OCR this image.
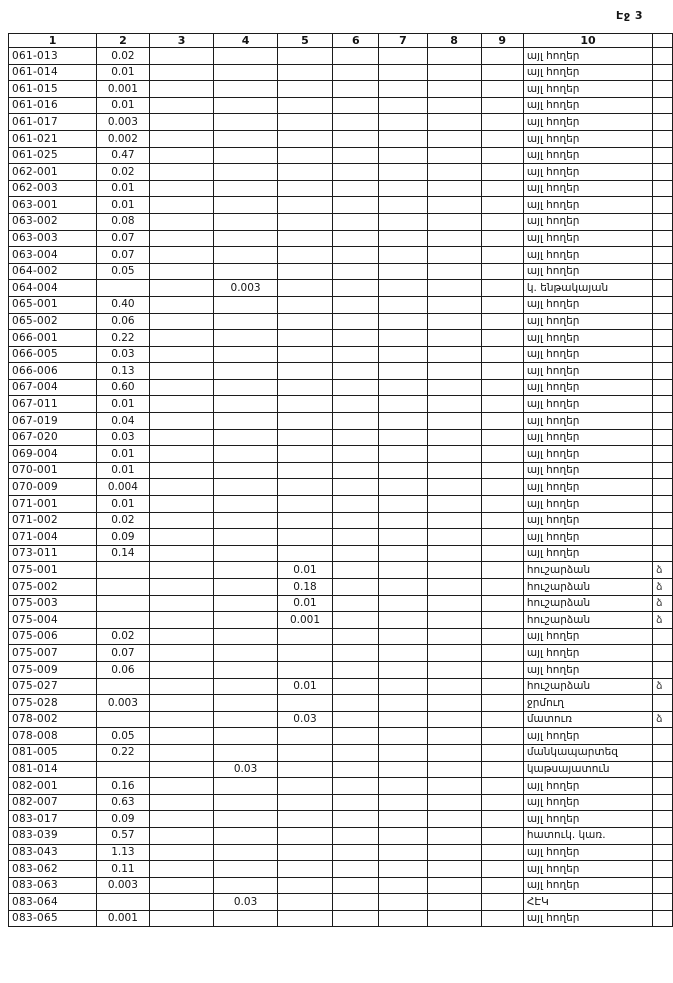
Էջ 3
1	2	3	4	5	6	7	8	9	10	
061-013	0.02								այլ հողեր	
061-014	0.01								այլ հողեր	
061-015	0.001								այլ հողեր	
061-016	0.01								այլ հողեր	
061-017	0.003								այլ հողեր	
061-021	0.002								այլ հողեր	
061-025	0.47								այլ հողեր	
062-001	0.02								այլ հողեր	
062-003	0.01								այլ հողեր	
063-001	0.01								այլ հողեր	
063-002	0.08								այլ հողեր	
063-003	0.07								այլ հողեր	
063-004	0.07								այլ հողեր	
064-002	0.05								այլ հողեր	
064-004			0.003						կ. ենթակայան	
065-001	0.40								այլ հողեր	
065-002	0.06								այլ հողեր	
066-001	0.22								այլ հողեր	
066-005	0.03								այլ հողեր	
066-006	0.13								այլ հողեր	
067-004	0.60								այլ հողեր	
067-011	0.01								այլ հողեր	
067-019	0.04								այլ հողեր	
067-020	0.03								այլ հողեր	
069-004	0.01								այլ հողեր	
070-001	0.01								այլ հողեր	
070-009	0.004								այլ հողեր	
071-001	0.01								այլ հողեր	
071-002	0.02								այլ հողեր	
071-004	0.09								այլ հողեր	
073-011	0.14								այլ հողեր	
075-001				0.01					հուշարձան	ձ
075-002				0.18					հուշարձան	ձ
075-003				0.01					հուշարձան	ձ
075-004				0.001					հուշարձան	ձ
075-006	0.02								այլ հողեր	
075-007	0.07								այլ հողեր	
075-009	0.06								այլ հողեր	
075-027				0.01					հուշարձան	ձ
075-028	0.003								ջրմուղ	
078-002				0.03					մատուռ	ձ
078-008	0.05								այլ հողեր	
081-005	0.22								մանկապարտեզ	
081-014			0.03						կաթսայատուն	
082-001	0.16								այլ հողեր	
082-007	0.63								այլ հողեր	
083-017	0.09								այլ հողեր	
083-039	0.57								հատուկ. կառ.	
083-043	1.13								այլ հողեր	
083-062	0.11								այլ հողեր	
083-063	0.003								այլ հողեր	
083-064			0.03						ՀԷԿ	
083-065	0.001								այլ հողեր	
